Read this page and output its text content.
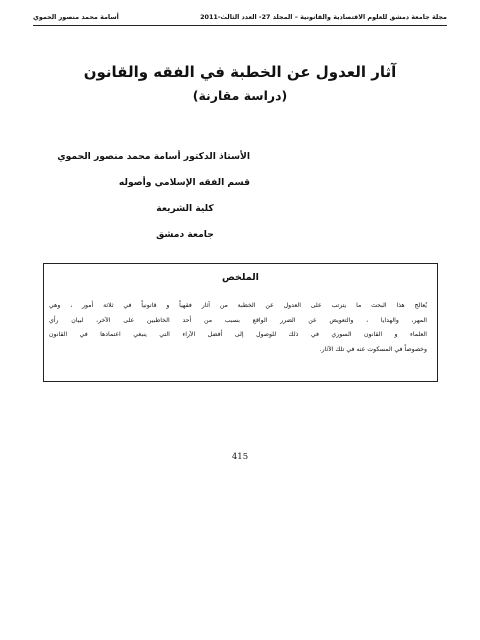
مجلة جامعة دمشق للعلوم الاقتصادية والقانونية – المجلد 27- العدد الثالث-2011
أسامة محمد منصور الحموي
آثار العدول عن الخطبة في الفقه والقانون
(دراسة مقارنة)
الأستاذ الدكتور أسامة محمد منصور الحموي
قسم الفقه الإسلامي وأصوله
كلية الشريعة
جامعة دمشق
الملخص
يُعالج هذا البحث ما يترتب على العدول عن الخطبة من آثار فقهياً و قانونياً في ثلاثة أمور ، وهي
المهر، والهدايا ، والتعويض عن الضرر الواقع بسبب من أحد الخاطبين على الآخر، لبيان رأي
العلماء و القانون السوري في ذلك للوصول إلى أفضل الآراء التي ينبغي اعتمادها في القانون
وخصوصاً في المسكوت عنه في تلك الآثار.
415
